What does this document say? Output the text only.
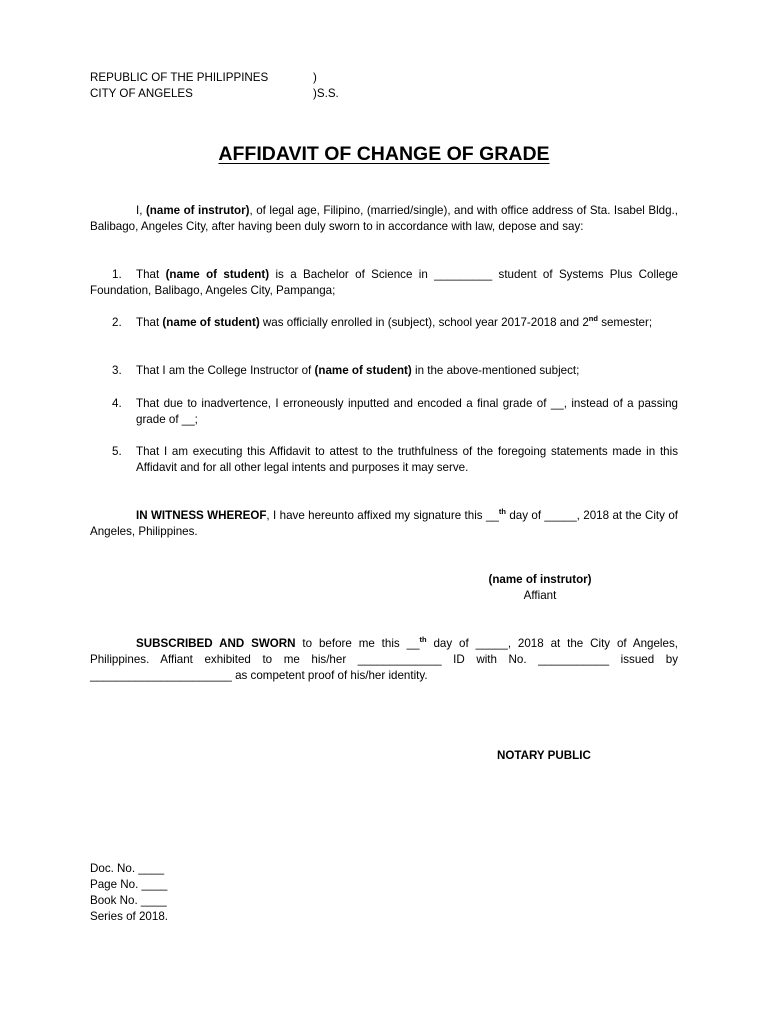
REPUBLIC OF THE PHILIPPINES

	)

CITY OF ANGELES

	)S.S.

AFFIDAVIT OF CHANGE OF GRADE
I, (name of instrutor), of legal age, Filipino, (married/single), and with office address of Sta. Isabel Bldg., Balibago, Angeles City, after having been duly sworn to in accordance with law, depose and say:
1. That (name of student) is a Bachelor of Science in _________ student of Systems Plus College Foundation, Balibago, Angeles City, Pampanga;
2. That (name of student) was officially enrolled in (subject), school year 2017-2018 and 2nd semester;
3. That I am the College Instructor of (name of student) in the above-mentioned subject;
4. That due to inadvertence, I erroneously inputted and encoded a final grade of __, instead of a passing grade of __;
5. That I am executing this Affidavit to attest to the truthfulness of the foregoing statements made in this Affidavit and for all other legal intents and purposes it may serve.
IN WITNESS WHEREOF, I have hereunto affixed my signature this __$^{th}$ day of _____, 2018 at the City of Angeles, Philippines.
(name of instrutor)
Affiant
SUBSCRIBED AND SWORN to before me this __$^{th}$ day of _____, 2018 at the City of Angeles, Philippines. Affiant exhibited to me his/her _____________ ID with No. ___________ issued by ______________________ as competent proof of his/her identity.
NOTARY PUBLIC
Doc. No. ____
Page No. ____
Book No. ____
Series of 2018.
